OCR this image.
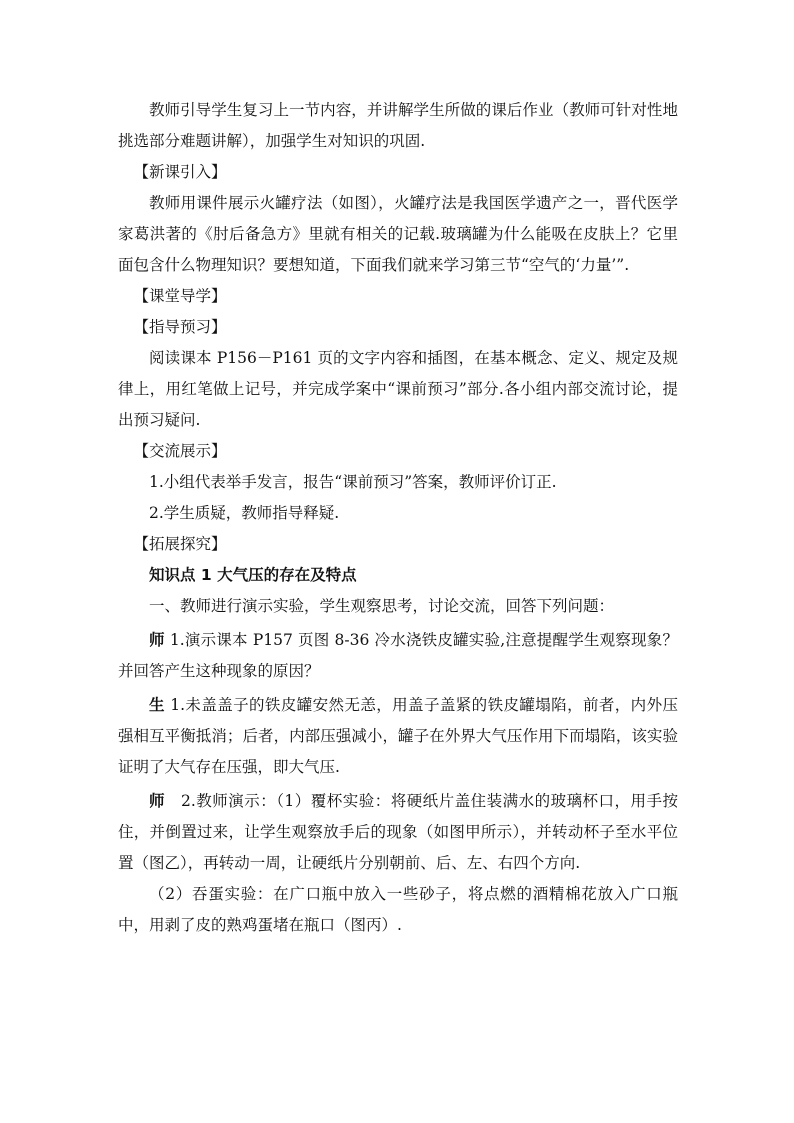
教师引导学生复习上一节内容，并讲解学生所做的课后作业（教师可针对性地挑选部分难题讲解），加强学生对知识的巩固.

【新课引入】

教师用课件展示火罐疗法（如图），火罐疗法是我国医学遗产之一，晋代医学家葛洪著的《肘后备急方》里就有相关的记载.玻璃罐为什么能吸在皮肤上？它里面包含什么物理知识？要想知道，下面我们就来学习第三节“空气的‘力量’”.

【课堂导学】

【指导预习】

阅读课本 P156－P161 页的文字内容和插图，在基本概念、定义、规定及规律上，用红笔做上记号，并完成学案中“课前预习”部分.各小组内部交流讨论，提出预习疑问.

【交流展示】

1.小组代表举手发言，报告“课前预习”答案，教师评价订正.

2.学生质疑，教师指导释疑.

【拓展探究】

知识点 1 大气压的存在及特点

一、教师进行演示实验，学生观察思考，讨论交流，回答下列问题：

师 1.演示课本 P157 页图 8-36 冷水浇铁皮罐实验,注意提醒学生观察现象？并回答产生这种现象的原因？

生 1.未盖盖子的铁皮罐安然无恙，用盖子盖紧的铁皮罐塌陷，前者，内外压强相互平衡抵消；后者，内部压强减小，罐子在外界大气压作用下而塌陷，该实验证明了大气存在压强，即大气压.

师　2.教师演示：（1）覆杯实验：将硬纸片盖住装满水的玻璃杯口，用手按住，并倒置过来，让学生观察放手后的现象（如图甲所示），并转动杯子至水平位置（图乙），再转动一周，让硬纸片分别朝前、后、左、右四个方向.

（2）吞蛋实验：在广口瓶中放入一些砂子，将点燃的酒精棉花放入广口瓶中，用剥了皮的熟鸡蛋堵在瓶口（图丙）.
